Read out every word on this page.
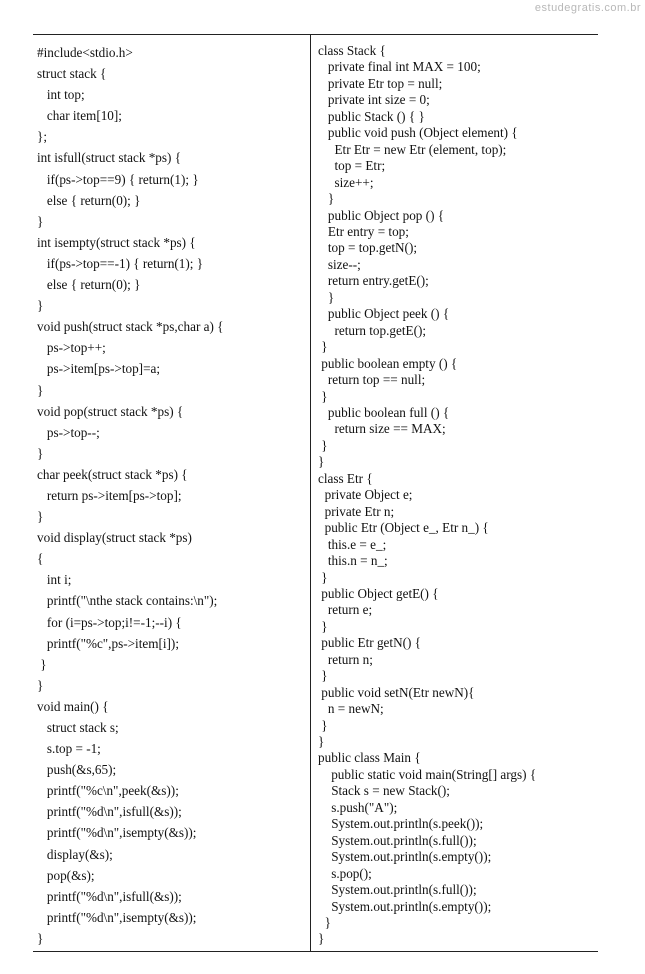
estudegratis.com.br
#include<stdio.h>
struct stack {
int top;
char item[10];
};
int isfull(struct stack *ps) {
if(ps->top==9) { return(1); }
else { return(0); }
}
int isempty(struct stack *ps) {
if(ps->top==-1) { return(1); }
else { return(0); }
}
void push(struct stack *ps,char a) {
ps->top++;
ps->item[ps->top]=a;
}
void pop(struct stack *ps) {
ps->top--;
}
char peek(struct stack *ps) {
return ps->item[ps->top];
}
void display(struct stack *ps)
{
int i;
printf("\nthe stack contains:\n");
for (i=ps->top;i!=-1;--i) {
printf("%c",ps->item[i]);
}
}
void main() {
struct stack s;
s.top = -1;
push(&s,65);
printf("%c\n",peek(&s));
printf("%d\n",isfull(&s));
printf("%d\n",isempty(&s));
display(&s);
pop(&s);
printf("%d\n",isfull(&s));
printf("%d\n",isempty(&s));
}
class Stack {
private final int MAX = 100;
private Etr top = null;
private int size = 0;
public Stack () { }
public void push (Object element) {
Etr Etr = new Etr (element, top);
top = Etr;
size++;
}
public Object pop () {
Etr entry = top;
top = top.getN();
size--;
return entry.getE();
}
public Object peek () {
return top.getE();
}
public boolean empty () {
return top == null;
}
public boolean full () {
return size == MAX;
}
}
class Etr {
private Object e;
private Etr n;
public Etr (Object e_, Etr n_) {
this.e = e_;
this.n = n_;
}
public Object getE() {
return e;
}
public Etr getN() {
return n;
}
public void setN(Etr newN){
n = newN;
}
}
public class Main {
public static void main(String[] args) {
Stack s = new Stack();
s.push("A");
System.out.println(s.peek());
System.out.println(s.full());
System.out.println(s.empty());
s.pop();
System.out.println(s.full());
System.out.println(s.empty());
}
}
